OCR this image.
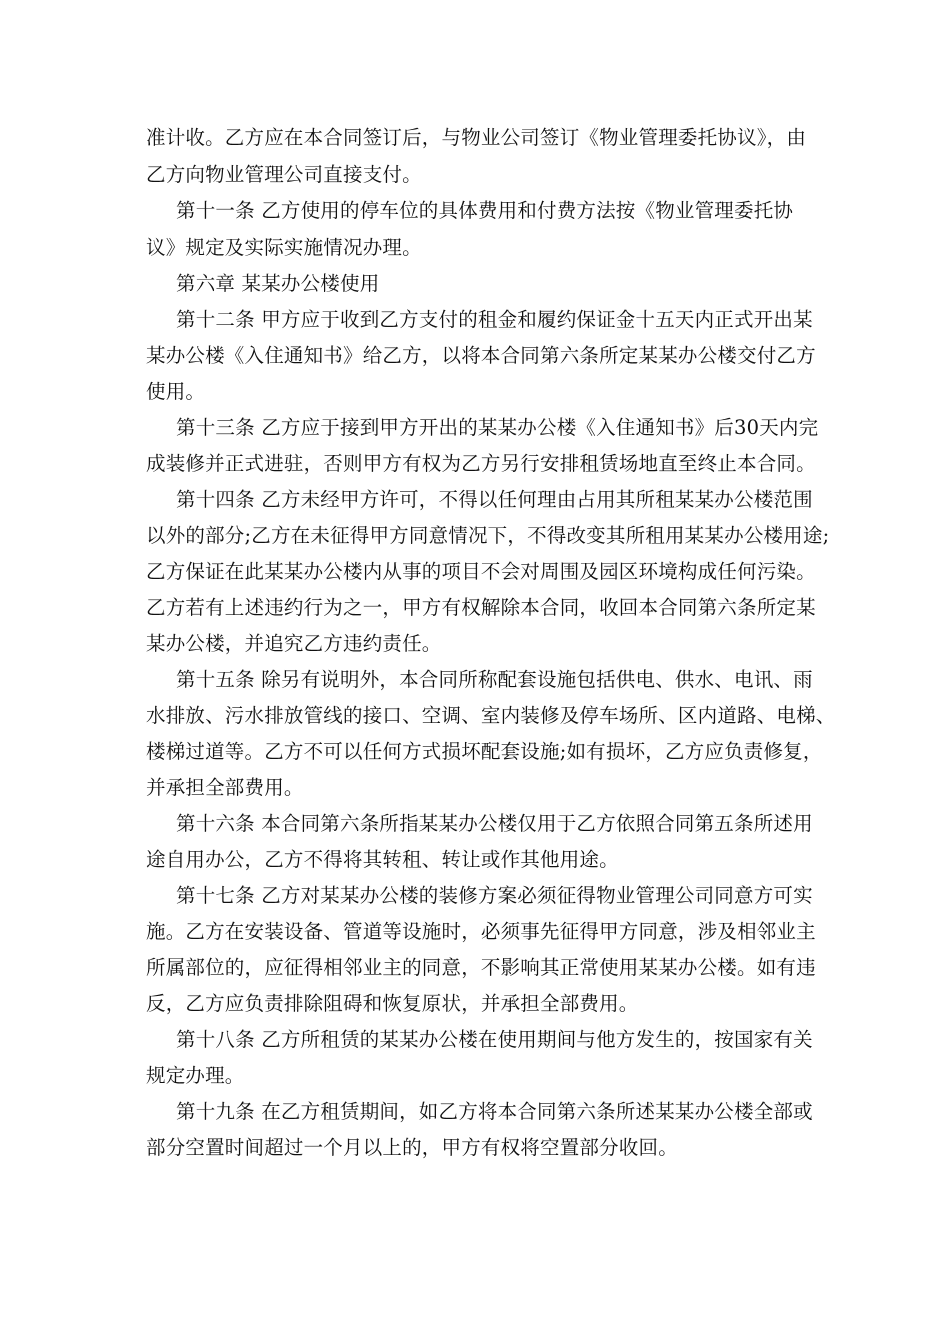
准计收。乙方应在本合同签订后，与物业公司签订《物业管理委托协议》，由
乙方向物业管理公司直接支付。
第十一条 乙方使用的停车位的具体费用和付费方法按《物业管理委托协
议》规定及实际实施情况办理。
第六章 某某办公楼使用
第十二条 甲方应于收到乙方支付的租金和履约保证金十五天内正式开出某
某办公楼《入住通知书》给乙方，以将本合同第六条所定某某办公楼交付乙方
使用。
第十三条 乙方应于接到甲方开出的某某办公楼《入住通知书》后30天内完
成装修并正式进驻，否则甲方有权为乙方另行安排租赁场地直至终止本合同。
第十四条 乙方未经甲方许可，不得以任何理由占用其所租某某办公楼范围
以外的部分;乙方在未征得甲方同意情况下，不得改变其所租用某某办公楼用途;
乙方保证在此某某办公楼内从事的项目不会对周围及园区环境构成任何污染。
乙方若有上述违约行为之一，甲方有权解除本合同，收回本合同第六条所定某
某办公楼，并追究乙方违约责任。
第十五条 除另有说明外，本合同所称配套设施包括供电、供水、电讯、雨
水排放、污水排放管线的接口、空调、室内装修及停车场所、区内道路、电梯、
楼梯过道等。乙方不可以任何方式损坏配套设施;如有损坏，乙方应负责修复，
并承担全部费用。
第十六条 本合同第六条所指某某办公楼仅用于乙方依照合同第五条所述用
途自用办公，乙方不得将其转租、转让或作其他用途。
第十七条 乙方对某某办公楼的装修方案必须征得物业管理公司同意方可实
施。乙方在安装设备、管道等设施时，必须事先征得甲方同意，涉及相邻业主
所属部位的，应征得相邻业主的同意，不影响其正常使用某某办公楼。如有违
反，乙方应负责排除阻碍和恢复原状，并承担全部费用。
第十八条 乙方所租赁的某某办公楼在使用期间与他方发生的，按国家有关
规定办理。
第十九条 在乙方租赁期间，如乙方将本合同第六条所述某某办公楼全部或
部分空置时间超过一个月以上的，甲方有权将空置部分收回。
